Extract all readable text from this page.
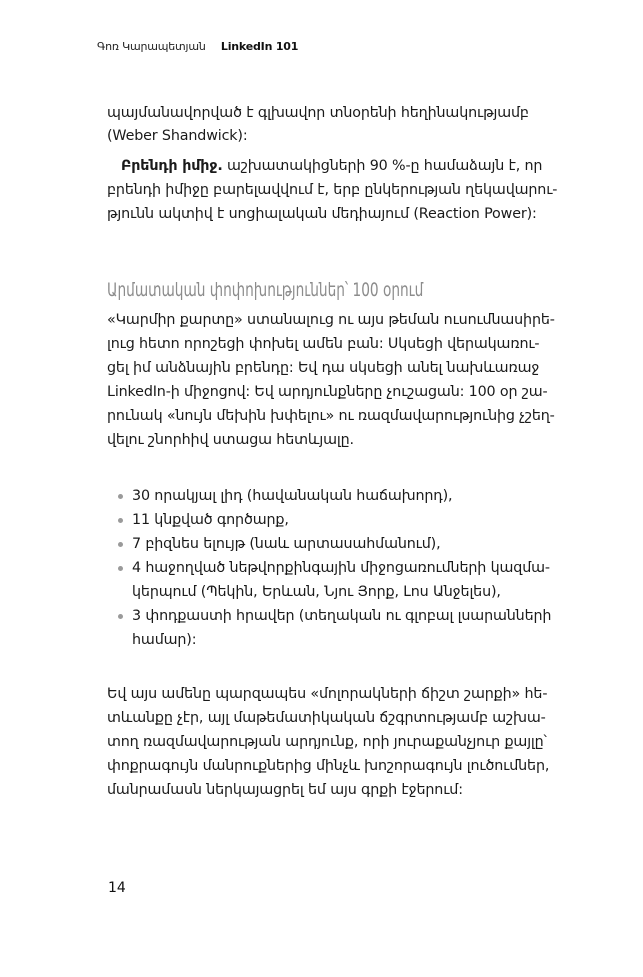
Գոռ Կարապետյան LinkedIn 101
պայմանավորված է գլխավոր տնօրենի հեղինակությամբ
(Weber Shandwick):
Բրենդի իմիջ. աշխատակիցների 90 %-ը համաձայն է, որ
բրենդի իմիջը բարելավվում է, երբ ընկերության ղեկավարու-
թյունն ակտիվ է սոցիալական մեդիայում (Reaction Power):
Արմատական փոփոխություններ՝ 100 օրում
«Կարմիր քարտը» ստանալուց ու այս թեման ուսումնասիրե-
լուց հետո որոշեցի փոխել ամեն բան: Սկսեցի վերակառու-
ցել իմ անձնային բրենդը: Եվ դա սկսեցի անել նախևառաջ
LinkedIn-ի միջոցով: Եվ արդյունքները չուշացան: 100 օր շա-
րունակ «նույն մեխին խփելու» ու ռազմավարությունից չշեղ-
վելու շնորհիվ ստացա հետևյալը.
30 որակյալ լիդ (հավանական հաճախորդ),
11 կնքված գործարք,
7 բիզնես ելույթ (նաև արտասահմանում),
4 հաջողված նեթվորքինգային միջոցառումների կազմա-
կերպում (Պեկին, Երևան, Նյու Յորք, Լոս Անջելես),
3 փոդքաստի հրավեր (տեղական ու գլոբալ լսարանների
համար):
Եվ այս ամենը պարզապես «մոլորակների ճիշտ շարքի» հե-
տևանքը չէր, այլ մաթեմատիկական ճշգրտությամբ աշխա-
տող ռազմավարության արդյունք, որի յուրաքանչյուր քայլը՝
փոքրագույն մանրուքներից մինչև խոշորագույն լուծումներ,
մանրամասն ներկայացրել եմ այս գրքի էջերում:
14
